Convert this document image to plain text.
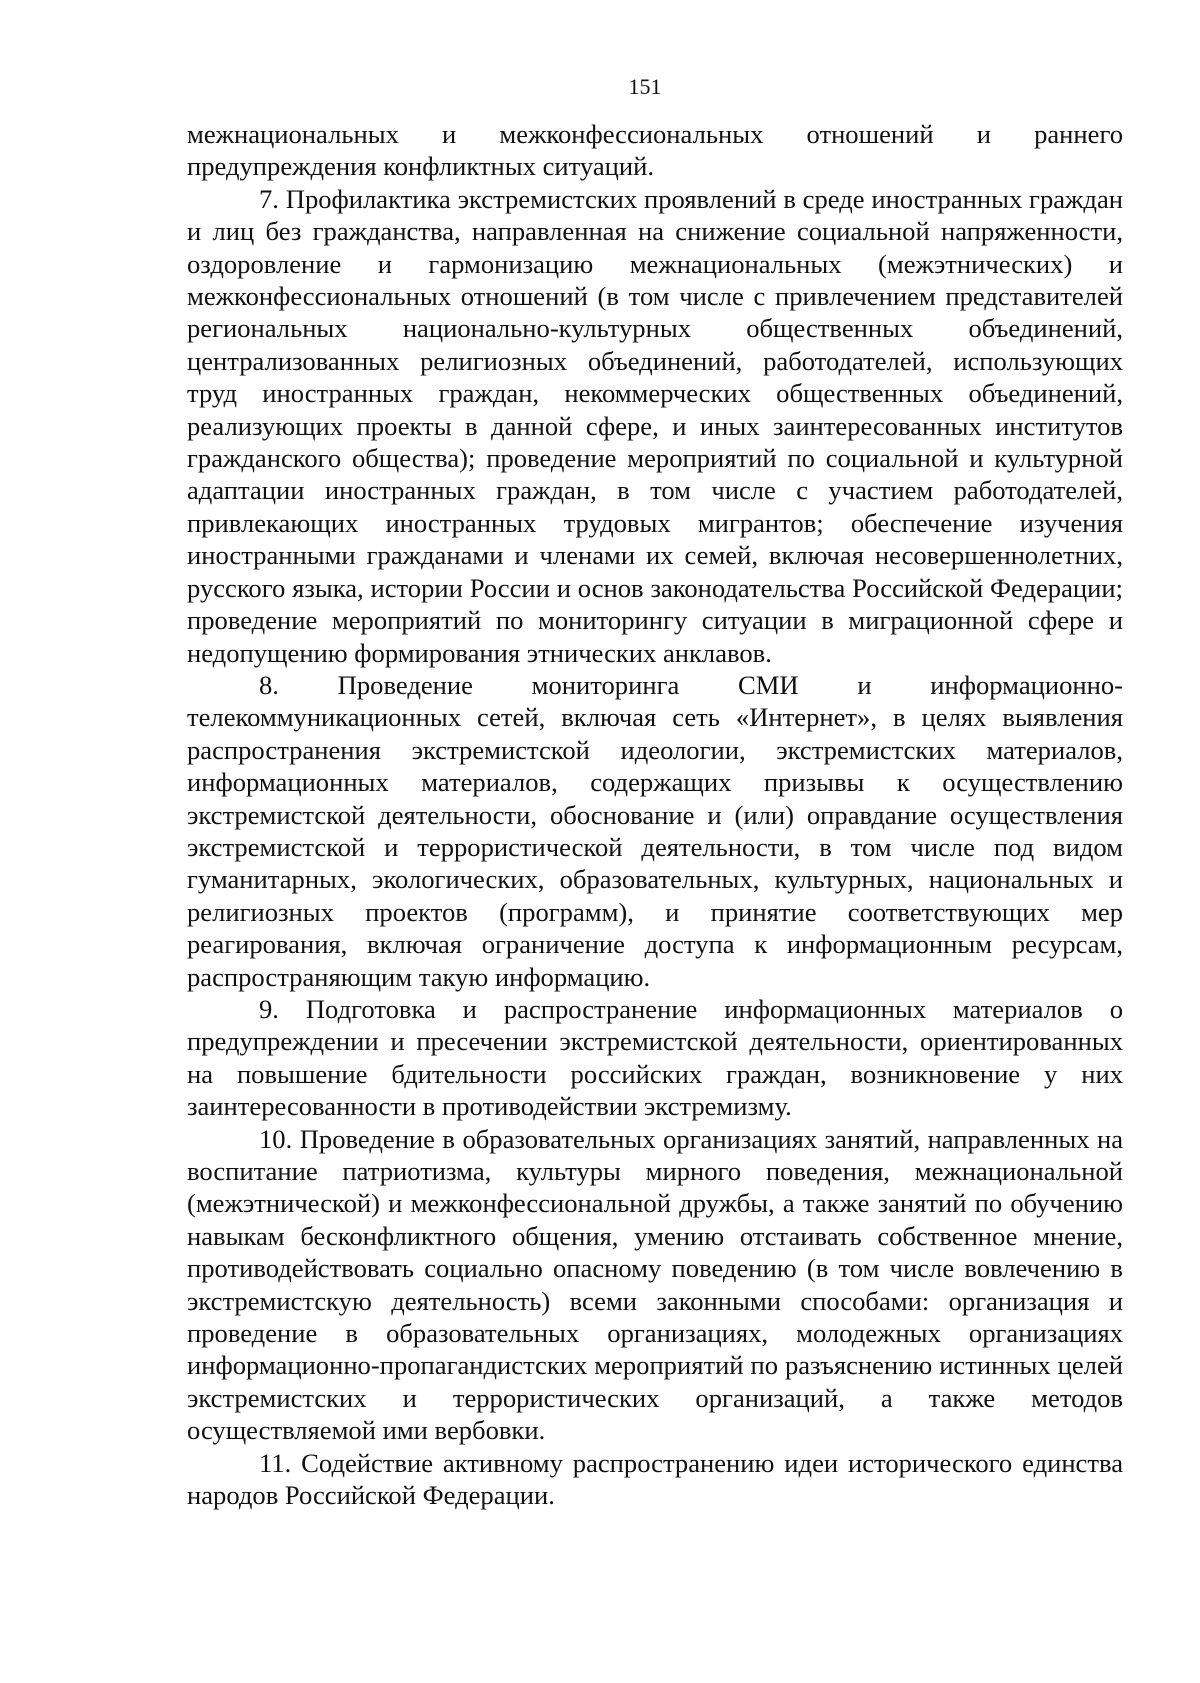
151

межнациональных и межконфессиональных отношений и раннего предупреждения конфликтных ситуаций.

7. Профилактика экстремистских проявлений в среде иностранных граждан и лиц без гражданства, направленная на снижение социальной напряженности, оздоровление и гармонизацию межнациональных (межэтнических) и межконфессиональных отношений (в том числе с привлечением представителей региональных национально-культурных общественных объединений, централизованных религиозных объединений, работодателей, использующих труд иностранных граждан, некоммерческих общественных объединений, реализующих проекты в данной сфере, и иных заинтересованных институтов гражданского общества); проведение мероприятий по социальной и культурной адаптации иностранных граждан, в том числе с участием работодателей, привлекающих иностранных трудовых мигрантов; обеспечение изучения иностранными гражданами и членами их семей, включая несовершеннолетних, русского языка, истории России и основ законодательства Российской Федерации; проведение мероприятий по мониторингу ситуации в миграционной сфере и недопущению формирования этнических анклавов.

8. Проведение мониторинга СМИ и информационно-телекоммуникационных сетей, включая сеть «Интернет», в целях выявления распространения экстремистской идеологии, экстремистских материалов, информационных материалов, содержащих призывы к осуществлению экстремистской деятельности, обоснование и (или) оправдание осуществления экстремистской и террористической деятельности, в том числе под видом гуманитарных, экологических, образовательных, культурных, национальных и религиозных проектов (программ), и принятие соответствующих мер реагирования, включая ограничение доступа к информационным ресурсам, распространяющим такую информацию.

9. Подготовка и распространение информационных материалов о предупреждении и пресечении экстремистской деятельности, ориентированных на повышение бдительности российских граждан, возникновение у них заинтересованности в противодействии экстремизму.

10. Проведение в образовательных организациях занятий, направленных на воспитание патриотизма, культуры мирного поведения, межнациональной (межэтнической) и межконфессиональной дружбы, а также занятий по обучению навыкам бесконфликтного общения, умению отстаивать собственное мнение, противодействовать социально опасному поведению (в том числе вовлечению в экстремистскую деятельность) всеми законными способами: организация и проведение в образовательных организациях, молодежных организациях информационно-пропагандистских мероприятий по разъяснению истинных целей экстремистских и террористических организаций, а также методов осуществляемой ими вербовки.

11. Содействие активному распространению идеи исторического единства народов Российской Федерации.
